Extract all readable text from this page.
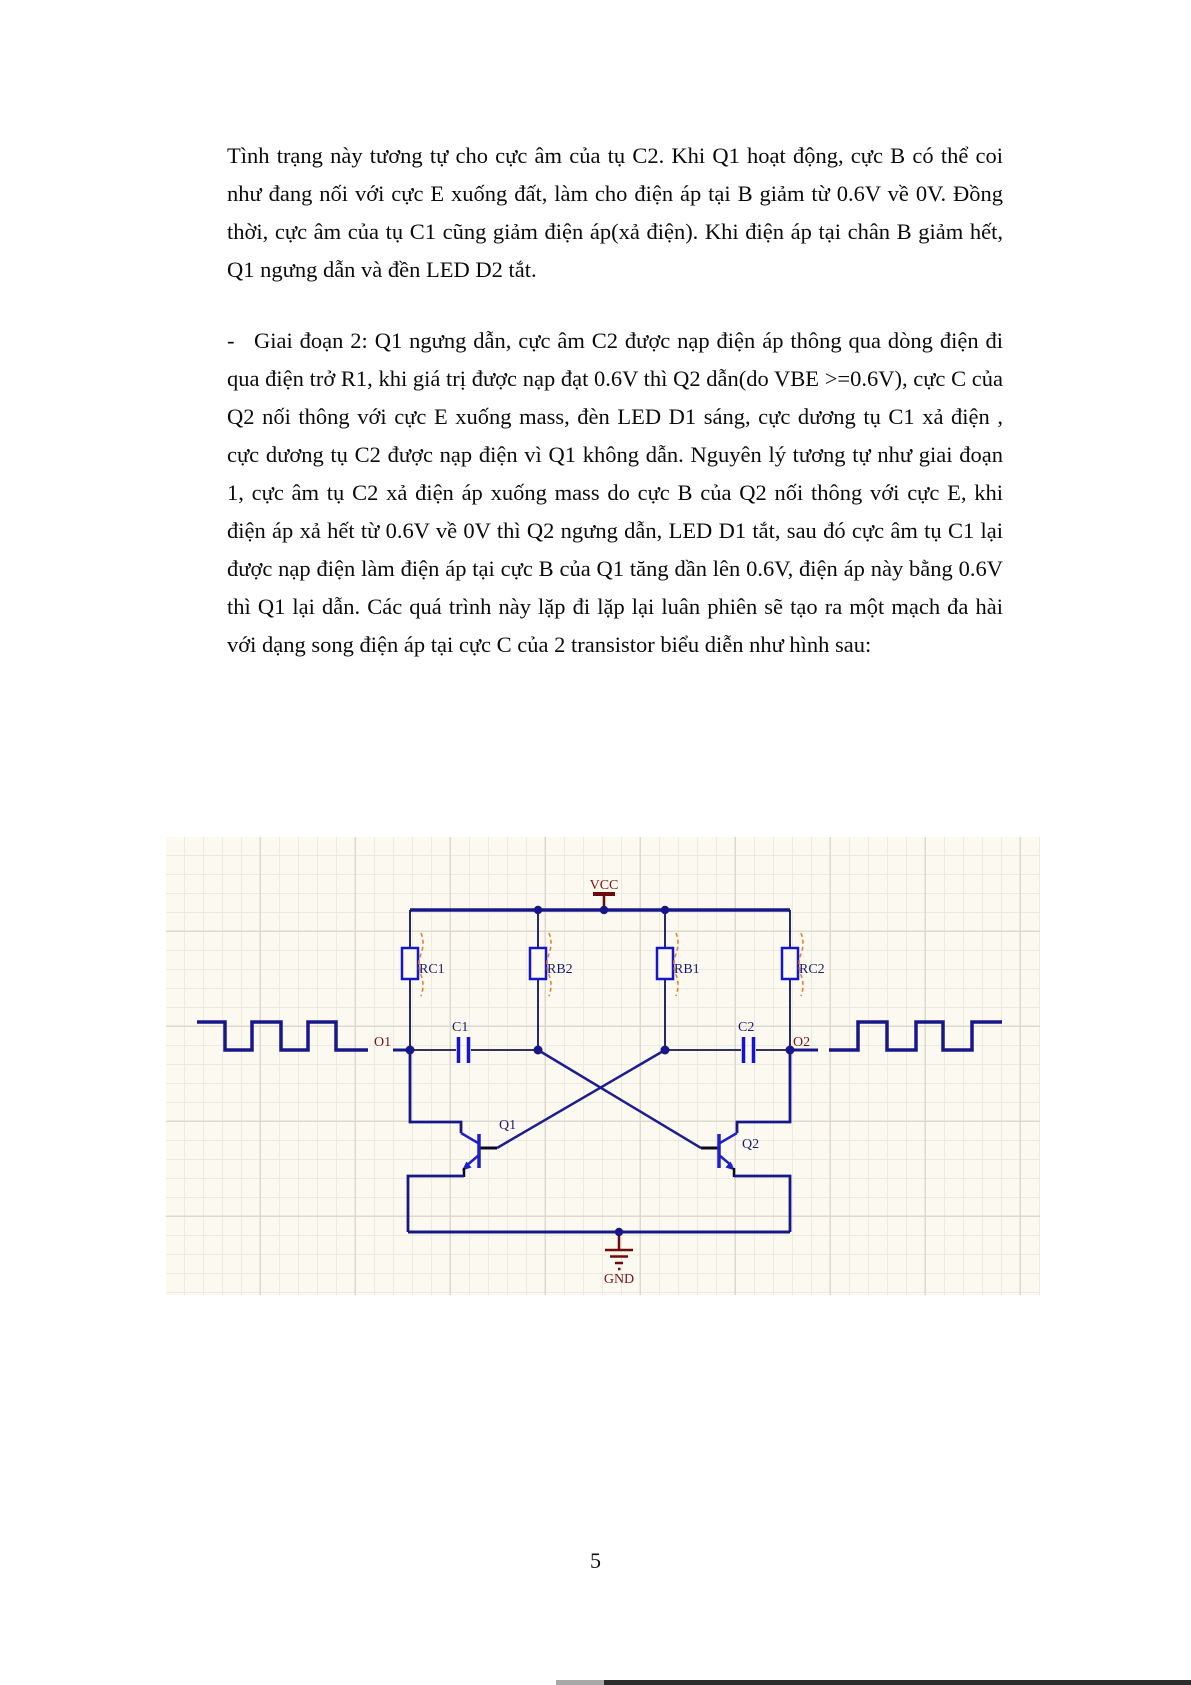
Tình trạng này tương tự cho cực âm của tụ C2. Khi Q1 hoạt động, cực B có thể coi như đang nối với cực E xuống đất, làm cho điện áp tại B giảm từ 0.6V về 0V. Đồng thời, cực âm của tụ C1 cũng giảm điện áp(xả điện). Khi điện áp tại chân B giảm hết, Q1 ngưng dẫn và đền LED D2 tắt.

- Giai đoạn 2: Q1 ngưng dẫn, cực âm C2 được nạp điện áp thông qua dòng điện đi qua điện trở R1, khi giá trị được nạp đạt 0.6V thì Q2 dẫn(do VBE >=0.6V), cực C của Q2 nối thông với cực E xuống mass, đèn LED D1 sáng, cực dương tụ C1 xả điện , cực dương tụ C2 được nạp điện vì Q1 không dẫn. Nguyên lý tương tự như giai đoạn 1, cực âm tụ C2 xả điện áp xuống mass do cực B của Q2 nối thông với cực E, khi điện áp xả hết từ 0.6V về 0V thì Q2 ngưng dẫn, LED D1 tắt, sau đó cực âm tụ C1 lại được nạp điện làm điện áp tại cực B của Q1 tăng dần lên 0.6V, điện áp này bằng 0.6V thì Q1 lại dẫn. Các quá trình này lặp đi lặp lại luân phiên sẽ tạo ra một mạch đa hài với dạng song điện áp tại cực C của 2 transistor biểu diễn như hình sau:

VCC
GND
RC1	RB2	RB1	RC2
C1	C2
Q1
Q2
O1	O2
5
